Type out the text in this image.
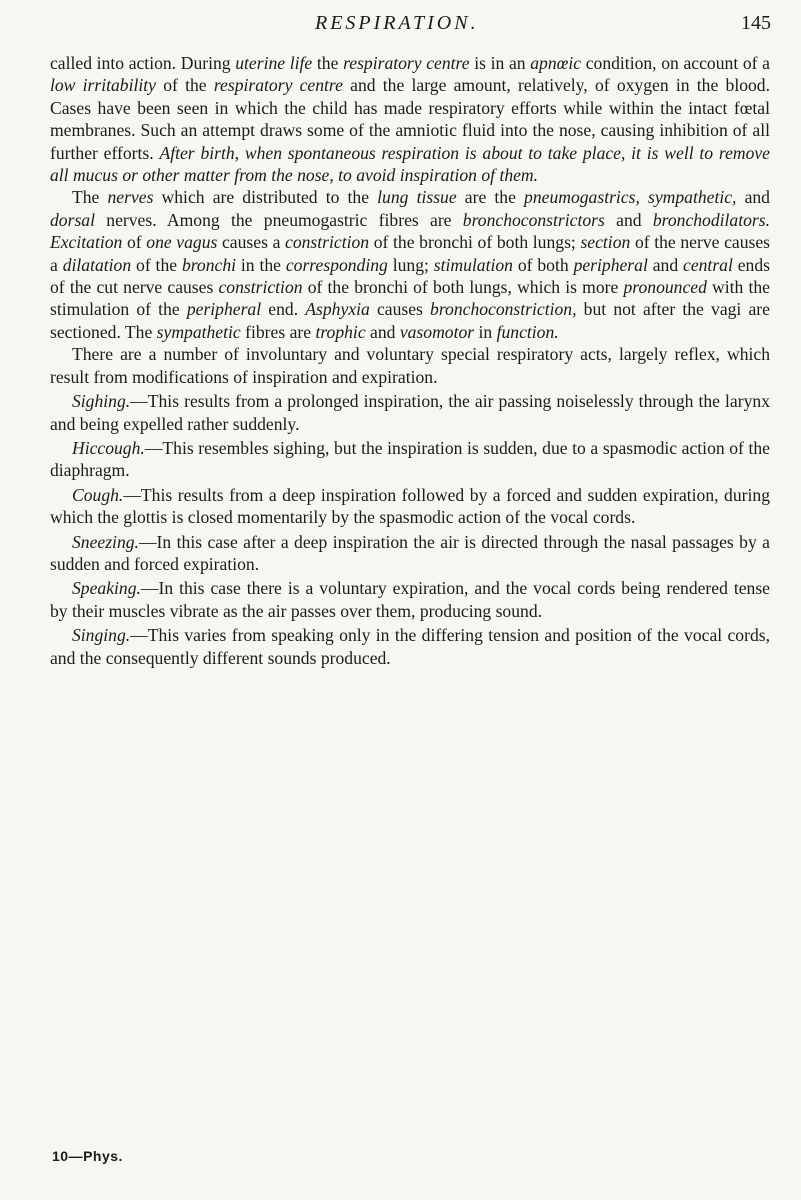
RESPIRATION.	145

called into action. During uterine life the respiratory centre is in an apnœic condition, on account of a low irritability of the respiratory centre and the large amount, relatively, of oxygen in the blood. Cases have been seen in which the child has made respiratory efforts while within the intact fœtal membranes. Such an attempt draws some of the amniotic fluid into the nose, causing inhibition of all further efforts. After birth, when spontaneous respiration is about to take place, it is well to remove all mucus or other matter from the nose, to avoid inspiration of them.

The nerves which are distributed to the lung tissue are the pneumogastrics, sympathetic, and dorsal nerves. Among the pneumogastric fibres are bronchoconstrictors and bronchodilators. Excitation of one vagus causes a constriction of the bronchi of both lungs; section of the nerve causes a dilatation of the bronchi in the corresponding lung; stimulation of both peripheral and central ends of the cut nerve causes constriction of the bronchi of both lungs, which is more pronounced with the stimulation of the peripheral end. Asphyxia causes bronchoconstriction, but not after the vagi are sectioned. The sympathetic fibres are trophic and vasomotor in function.

There are a number of involuntary and voluntary special respiratory acts, largely reflex, which result from modifications of inspiration and expiration.

Sighing.—This results from a prolonged inspiration, the air passing noiselessly through the larynx and being expelled rather suddenly.

Hiccough.—This resembles sighing, but the inspiration is sudden, due to a spasmodic action of the diaphragm.

Cough.—This results from a deep inspiration followed by a forced and sudden expiration, during which the glottis is closed momentarily by the spasmodic action of the vocal cords.

Sneezing.—In this case after a deep inspiration the air is directed through the nasal passages by a sudden and forced expiration.

Speaking.—In this case there is a voluntary expiration, and the vocal cords being rendered tense by their muscles vibrate as the air passes over them, producing sound.

Singing.—This varies from speaking only in the differing tension and position of the vocal cords, and the consequently different sounds produced.

10—Phys.
